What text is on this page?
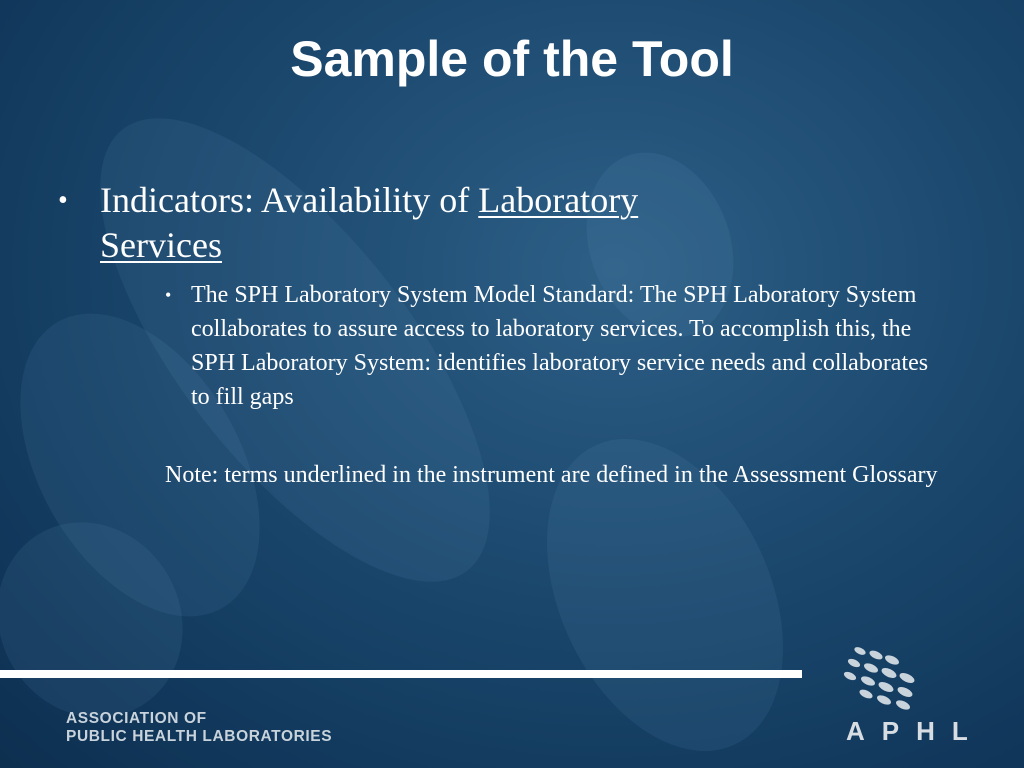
Sample of the Tool
• Indicators: Availability of Laboratory
Services
• The SPH Laboratory System Model Standard: The SPH Laboratory System collaborates to assure access to laboratory services. To accomplish this, the SPH Laboratory System: identifies laboratory service needs and collaborates to fill gaps
Note: terms underlined in the instrument are defined in the Assessment Glossary
ASSOCIATION OF
PUBLIC HEALTH LABORATORIES	APHL
